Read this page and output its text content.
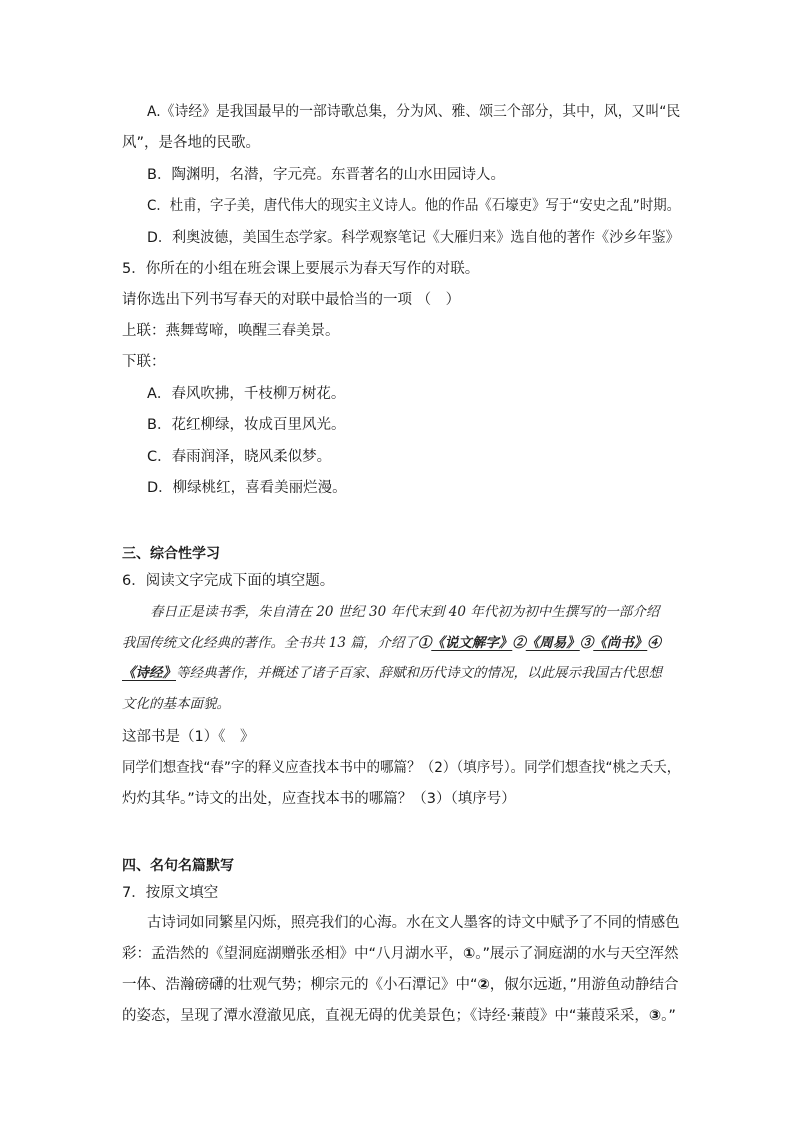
A.《诗经》是我国最早的一部诗歌总集，分为风、雅、颂三个部分，其中，风，又叫“民
风”，是各地的民歌。
B．陶渊明，名潜，字元亮。东晋著名的山水田园诗人。
C．杜甫，字子美，唐代伟大的现实主义诗人。他的作品《石壕吏》写于“安史之乱”时期。
D．利奥波德，美国生态学家。科学观察笔记《大雁归来》选自他的著作《沙乡年鉴》
5．你所在的小组在班会课上要展示为春天写作的对联。
请你选出下列书写春天的对联中最恰当的一项 （　）
上联：燕舞莺啼，唤醒三春美景。
下联：
A．春风吹拂，千枝柳万树花。
B．花红柳绿，妆成百里风光。
C．春雨润泽，晓风柔似梦。
D．柳绿桃红，喜看美丽烂漫。
三、综合性学习
6．阅读文字完成下面的填空题。
春日正是读书季，朱自清在 20 世纪 30 年代末到 40 年代初为初中生撰写的一部介绍
我国传统文化经典的著作。全书共 13 篇，介绍了①《说文解字》②《周易》③《尚书》④
《诗经》等经典著作，并概述了诸子百家、辞赋和历代诗文的情况，以此展示我国古代思想
文化的基本面貌。
这部书是（1）《　》
同学们想查找“春”字的释义应查找本书中的哪篇？（2）（填序号）。同学们想查找“桃之夭夭，
灼灼其华。”诗文的出处，应查找本书的哪篇？（3）（填序号）
四、名句名篇默写
7．按原文填空
古诗词如同繁星闪烁，照亮我们的心海。水在文人墨客的诗文中赋予了不同的情感色
彩：孟浩然的《望洞庭湖赠张丞相》中“八月湖水平，①。”展示了洞庭湖的水与天空浑然
一体、浩瀚磅礴的壮观气势；柳宗元的《小石潭记》中“②，俶尔远逝，”用游鱼动静结合
的姿态，呈现了潭水澄澈见底，直视无碍的优美景色；《诗经·蒹葭》中“蒹葭采采，③。”
